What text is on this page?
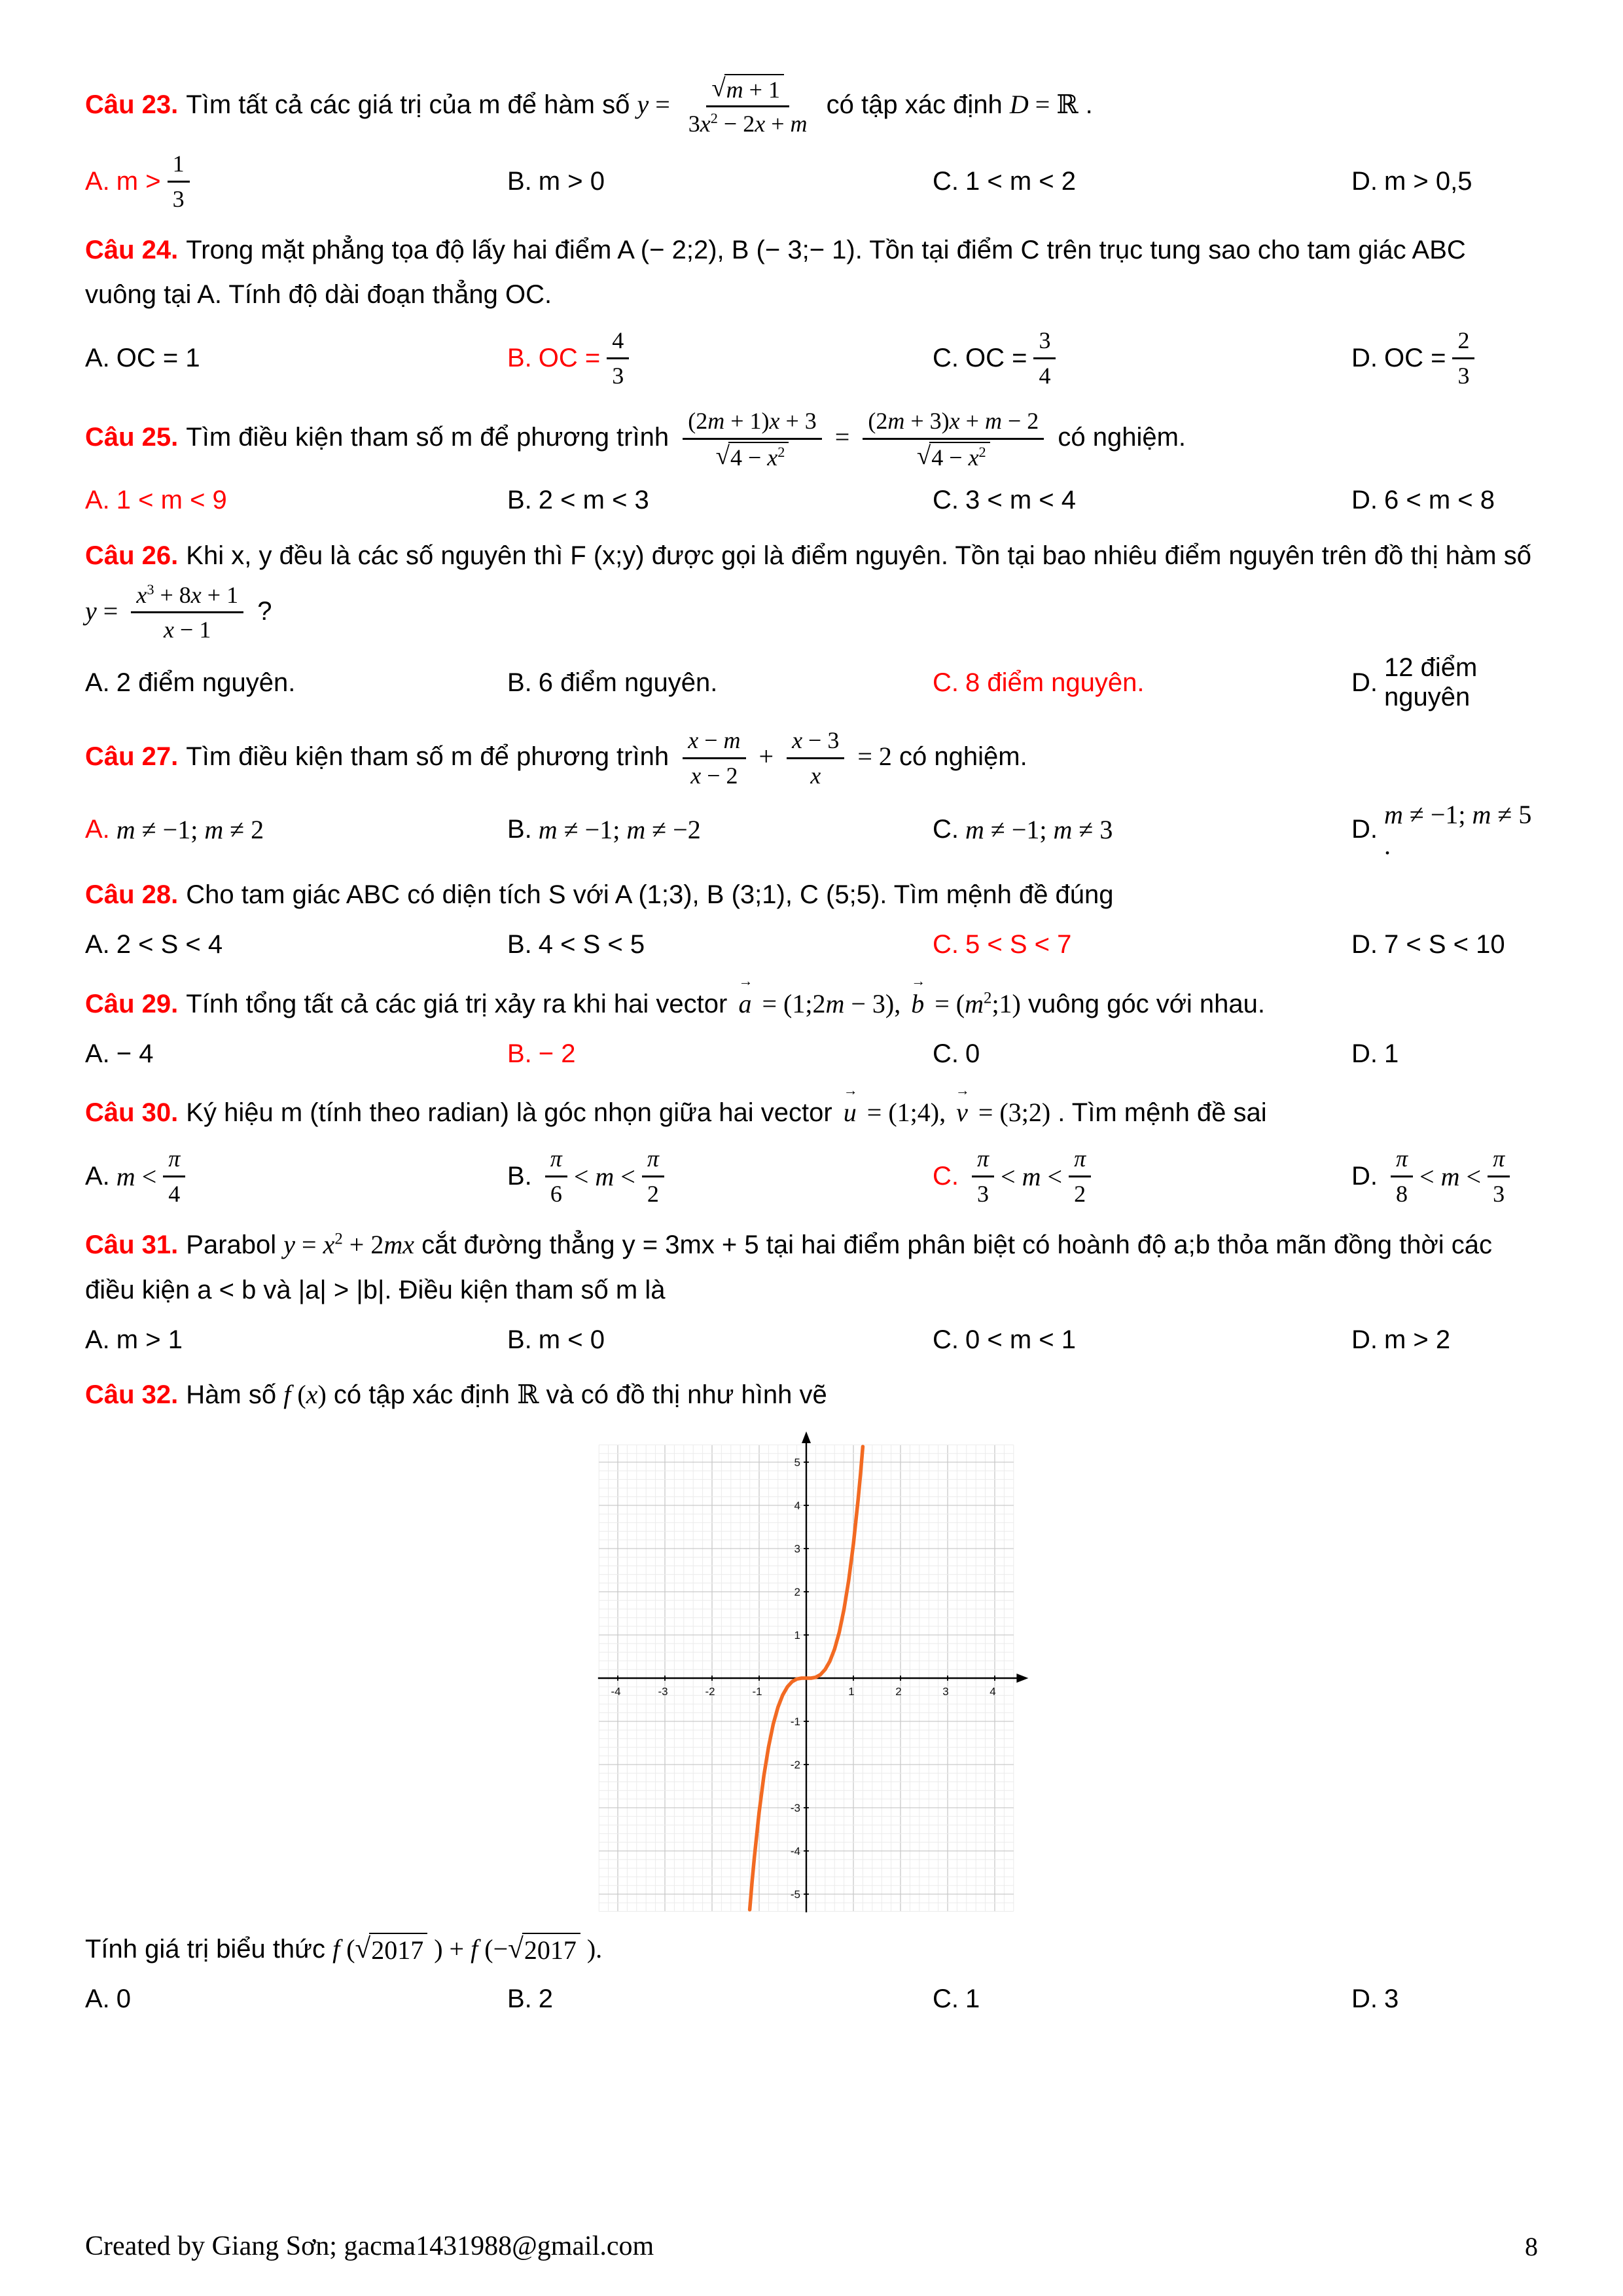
Câu 23. Tìm tất cả các giá trị của m để hàm số $y = \frac{√ m + 1}{3x^2 - 2x + m}$ có tập xác định D = ℝ .

A. $m > \frac{1}{3}$	B. m > 0	C. 1 < m < 2	D. m > 0,5

Câu 24. Trong mặt phẳng tọa độ lấy hai điểm A (− 2;2), B (− 3;− 1). Tồn tại điểm C trên trục tung sao cho tam giác ABC vuông tại A. Tính độ dài đoạn thẳng OC.

A. OC = 1	B. OC = $\frac{4}{3}$	C. OC = $\frac{3}{4}$	D. OC = $\frac{2}{3}$

Câu 25. Tìm điều kiện tham số m để phương trình $\frac{(2m + 1)x + 3}{√ 4 - x^2} = \frac{(2m + 3)x + m - 2}{√ 4 - x^2}$ có nghiệm.

A. 1 < m < 9	B. 2 < m < 3	C. 3 < m < 4	D. 6 < m < 8

Câu 26. Khi x, y đều là các số nguyên thì F (x;y) được gọi là điểm nguyên. Tồn tại bao nhiêu điểm nguyên trên đồ thị hàm số $y = \frac{x^3 + 8x + 1}{x - 1}$ ?

A. 2 điểm nguyên.	B. 6 điểm nguyên.	C. 8 điểm nguyên.	D.
12 điểm nguyên

Câu 27. Tìm điều kiện tham số m để phương trình $\frac{x - m}{x - 2} + \frac{x - 3}{x} = 2$ có nghiệm.

A. m ≠ −1; m ≠ 2	B. m ≠ −1; m ≠ −2	C. m ≠ −1; m ≠ 3	D.
m ≠ −1; m ≠ 5 .

Câu 28. Cho tam giác ABC có diện tích S với A (1;3), B (3;1), C (5;5). Tìm mệnh đề đúng

A. 2 < S < 4	B. 4 < S < 5	C. 5 < S < 7	D. 7 < S < 10

Câu 29. Tính tổng tất cả các giá trị xảy ra khi hai vector
→
a = (1;2m − 3),
→
$b = (m^2;1)$ vuông góc với nhau.

A. − 4	B. − 2	C. 0	D. 1

Câu 30. Ký hiệu m (tính theo radian) là góc nhọn giữa hai vector
→
u = (1;4),
→
v = (3;2) . Tìm mệnh đề sai

A. $m < \frac{\pi}{4}$	B. $\frac{\pi}{6} < m < \frac{\pi}{2}$	C. $\frac{\pi}{3} < m < \frac{\pi}{2}$	D. $\frac{\pi}{8} < m < \frac{\pi}{3}$

Câu 31. Parabol $y = x^2 + 2mx$ cắt đường thẳng y = 3mx + 5 tại hai điểm phân biệt có hoành độ a;b thỏa mãn đồng thời các điều kiện a < b và |a| > |b|. Điều kiện tham số m là

A. m > 1	B. m < 0	C. 0 < m < 1	D. m > 2

Câu 32. Hàm số f (x) có tập xác định ℝ và có đồ thị như hình vẽ

-4	-3	-2	-1	1	2	3	4
-5
-4
-3
-2
-1
1
2
3
4
5

Tính giá trị biểu thức f ( √ 2017 ) + f (− √ 2017 ).

A. 0	B. 2	C. 1	D. 3
Created by Giang Sơn; gacma1431988@gmail.com	8
